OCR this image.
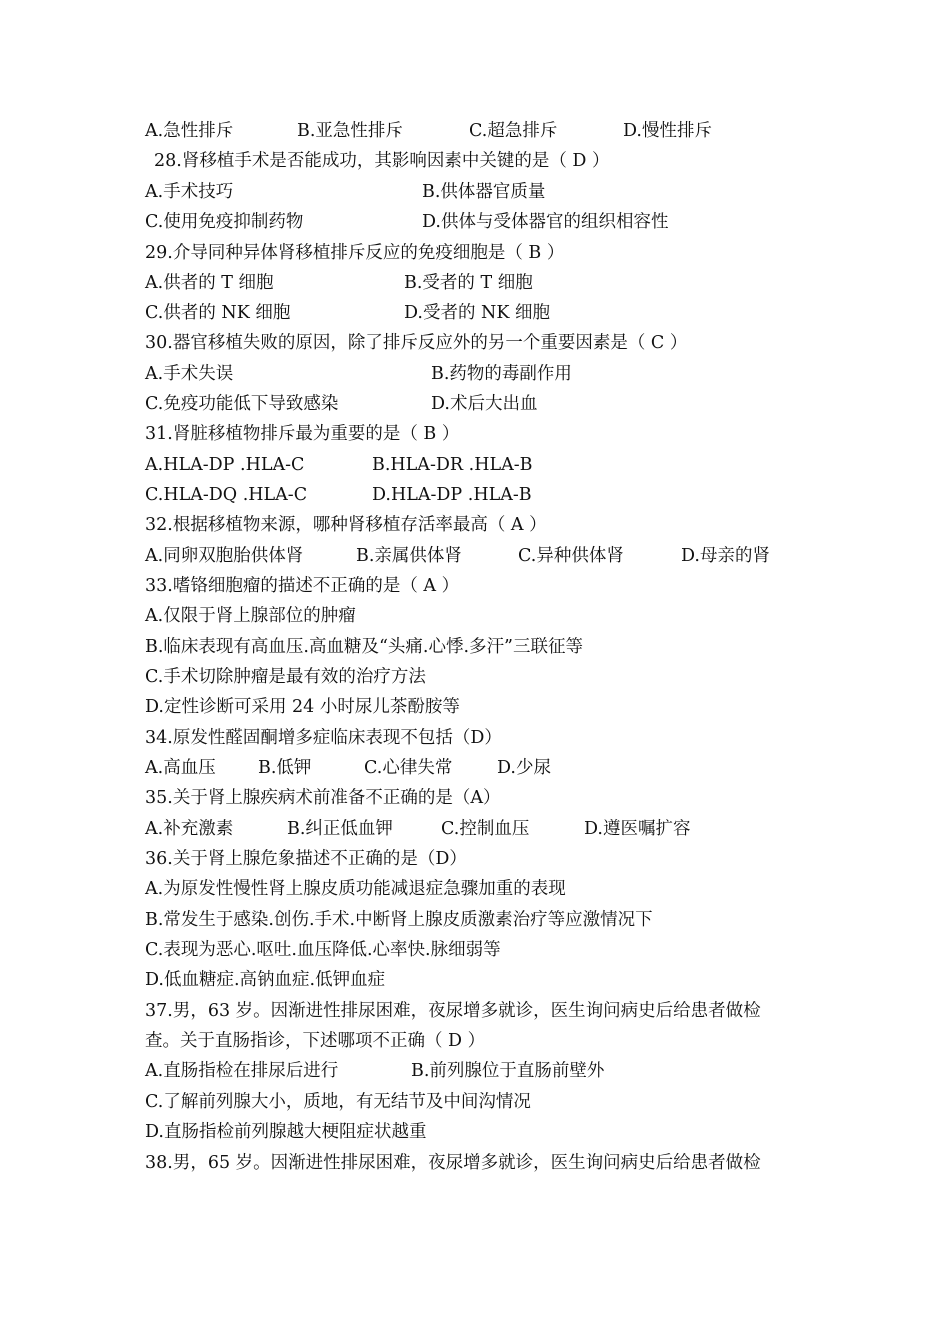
A.急性排斥	B.亚急性排斥	C.超急排斥	D.慢性排斥
28.肾移植手术是否能成功，其影响因素中关键的是（ D ）
A.手术技巧	B.供体器官质量
C.使用免疫抑制药物	D.供体与受体器官的组织相容性
29.介导同种异体肾移植排斥反应的免疫细胞是（ B ）
A.供者的 T 细胞	B.受者的 T 细胞
C.供者的 NK 细胞	D.受者的 NK 细胞
30.器官移植失败的原因，除了排斥反应外的另一个重要因素是（ C ）
A.手术失误	B.药物的毒副作用
C.免疫功能低下导致感染	D.术后大出血
31.肾脏移植物排斥最为重要的是（ B ）
A.HLA-DP .HLA-C	B.HLA-DR .HLA-B
C.HLA-DQ .HLA-C	D.HLA-DP .HLA-B
32.根据移植物来源，哪种肾移植存活率最高（ A ）
A.同卵双胞胎供体肾	B.亲属供体肾	C.异种供体肾	D.母亲的肾
33.嗜铬细胞瘤的描述不正确的是（ A ）
A.仅限于肾上腺部位的肿瘤
B.临床表现有高血压.高血糖及“头痛.心悸.多汗”三联征等
C.手术切除肿瘤是最有效的治疗方法
D.定性诊断可采用 24 小时尿儿茶酚胺等
34.原发性醛固酮增多症临床表现不包括（D）
A.高血压 B.低钾	C.心律失常	D.少尿
35.关于肾上腺疾病术前准备不正确的是（A）
A.补充激素	B.纠正低血钾	C.控制血压	D.遵医嘱扩容
36.关于肾上腺危象描述不正确的是（D）
A.为原发性慢性肾上腺皮质功能减退症急骤加重的表现
B.常发生于感染.创伤.手术.中断肾上腺皮质激素治疗等应激情况下
C.表现为恶心.呕吐.血压降低.心率快.脉细弱等
D.低血糖症.高钠血症.低钾血症
37.男，63 岁。因渐进性排尿困难，夜尿增多就诊，医生询问病史后给患者做检
查。关于直肠指诊，下述哪项不正确（ D ）
A.直肠指检在排尿后进行	B.前列腺位于直肠前壁外
C.了解前列腺大小，质地，有无结节及中间沟情况
D.直肠指检前列腺越大梗阻症状越重
38.男，65 岁。因渐进性排尿困难，夜尿增多就诊，医生询问病史后给患者做检
